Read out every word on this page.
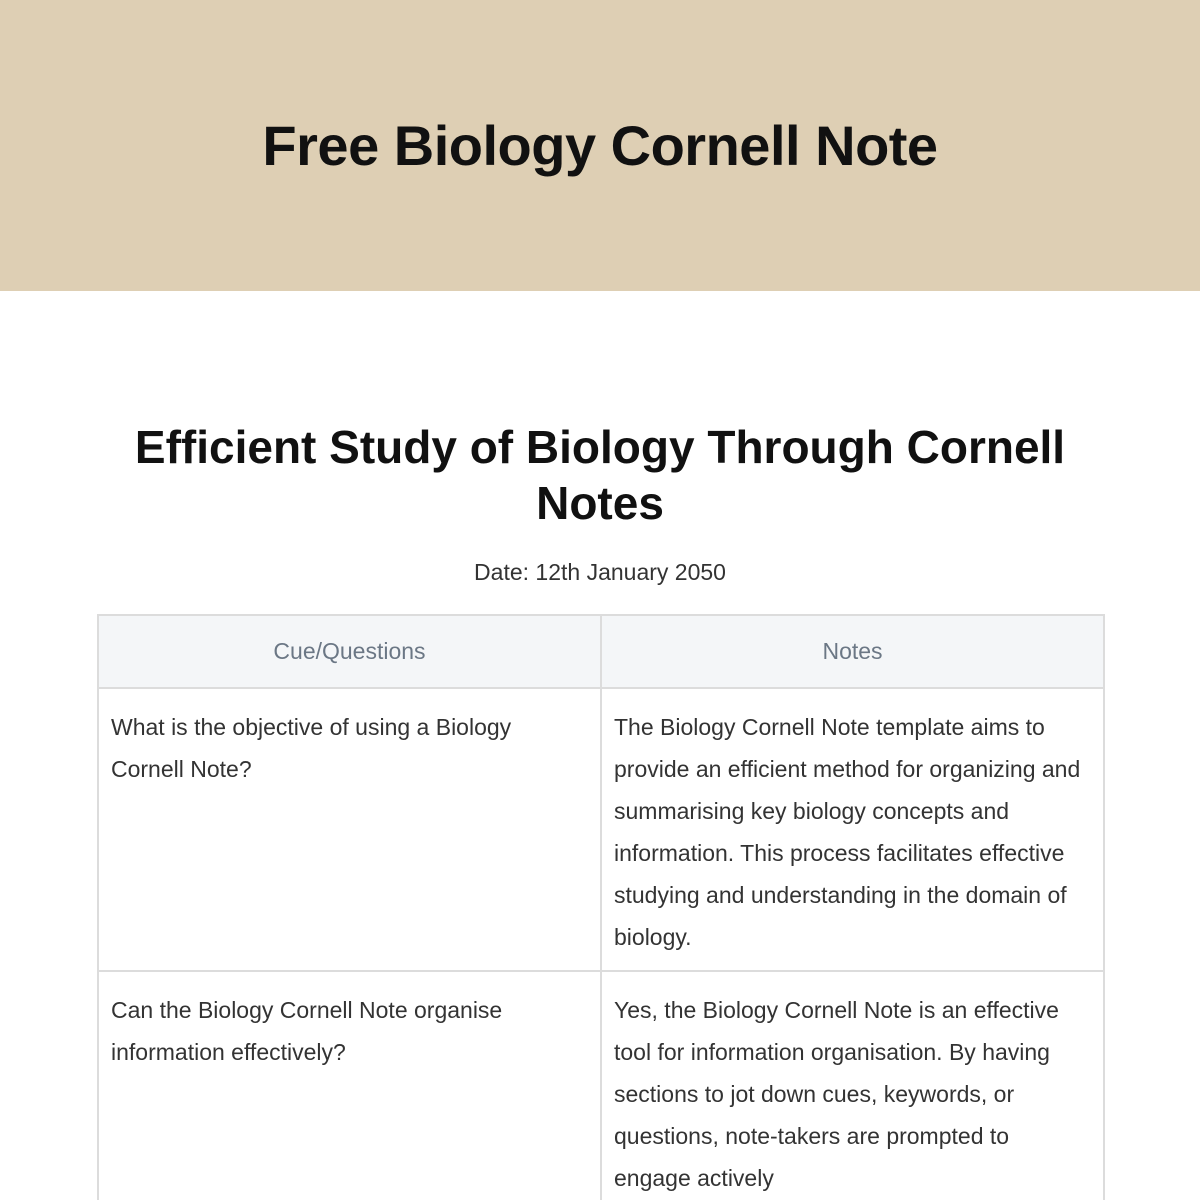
Free Biology Cornell Note
Efficient Study of Biology Through Cornell Notes
Date: 12th January 2050
Cue/Questions	Notes
What is the objective of using a Biology Cornell Note?	The Biology Cornell Note template aims to provide an efficient method for organizing and summarising key biology concepts and information. This process facilitates effective studying and understanding in the domain of biology.
Can the Biology Cornell Note organise information effectively?	Yes, the Biology Cornell Note is an effective tool for information organisation. By having sections to jot down cues, keywords, or questions, note-takers are prompted to engage actively
